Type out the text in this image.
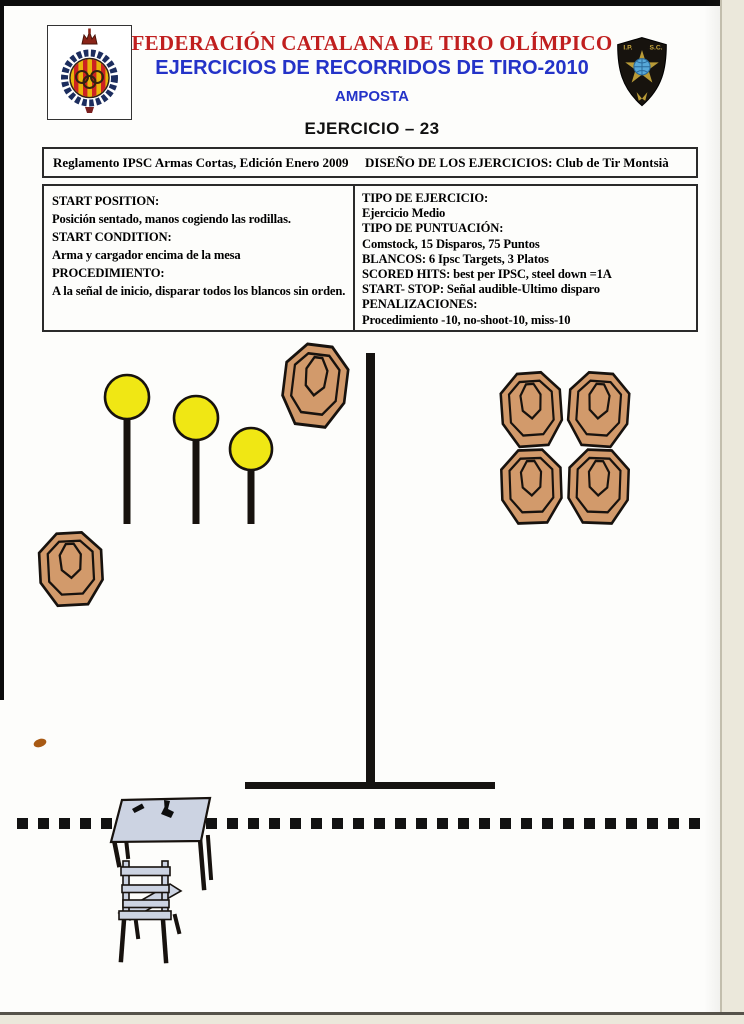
FEDERACIÓN CATALANA DE TIRO OLÍMPICO
EJERCICIOS DE RECORRIDOS DE TIRO-2010
AMPOSTA
EJERCICIO – 23
I.P.	S.C.
Reglamento IPSC Armas Cortas, Edición Enero 2009 DISEÑO DE LOS EJERCICIOS: Club de Tir Montsià
START POSITION:
Posición sentado, manos cogiendo las rodillas.
START CONDITION:
Arma y cargador encima de la mesa
PROCEDIMIENTO:
A la señal de inicio, disparar todos los blancos sin orden.
TIPO DE EJERCICIO:
Ejercicio Medio
TIPO DE PUNTUACIÓN:
Comstock, 15 Disparos, 75 Puntos
BLANCOS: 6 Ipsc Targets, 3 Platos
SCORED HITS: best per IPSC, steel down =1A
START- STOP: Señal audible-Ultimo disparo
PENALIZACIONES:
Procedimiento -10, no-shoot-10, miss-10
